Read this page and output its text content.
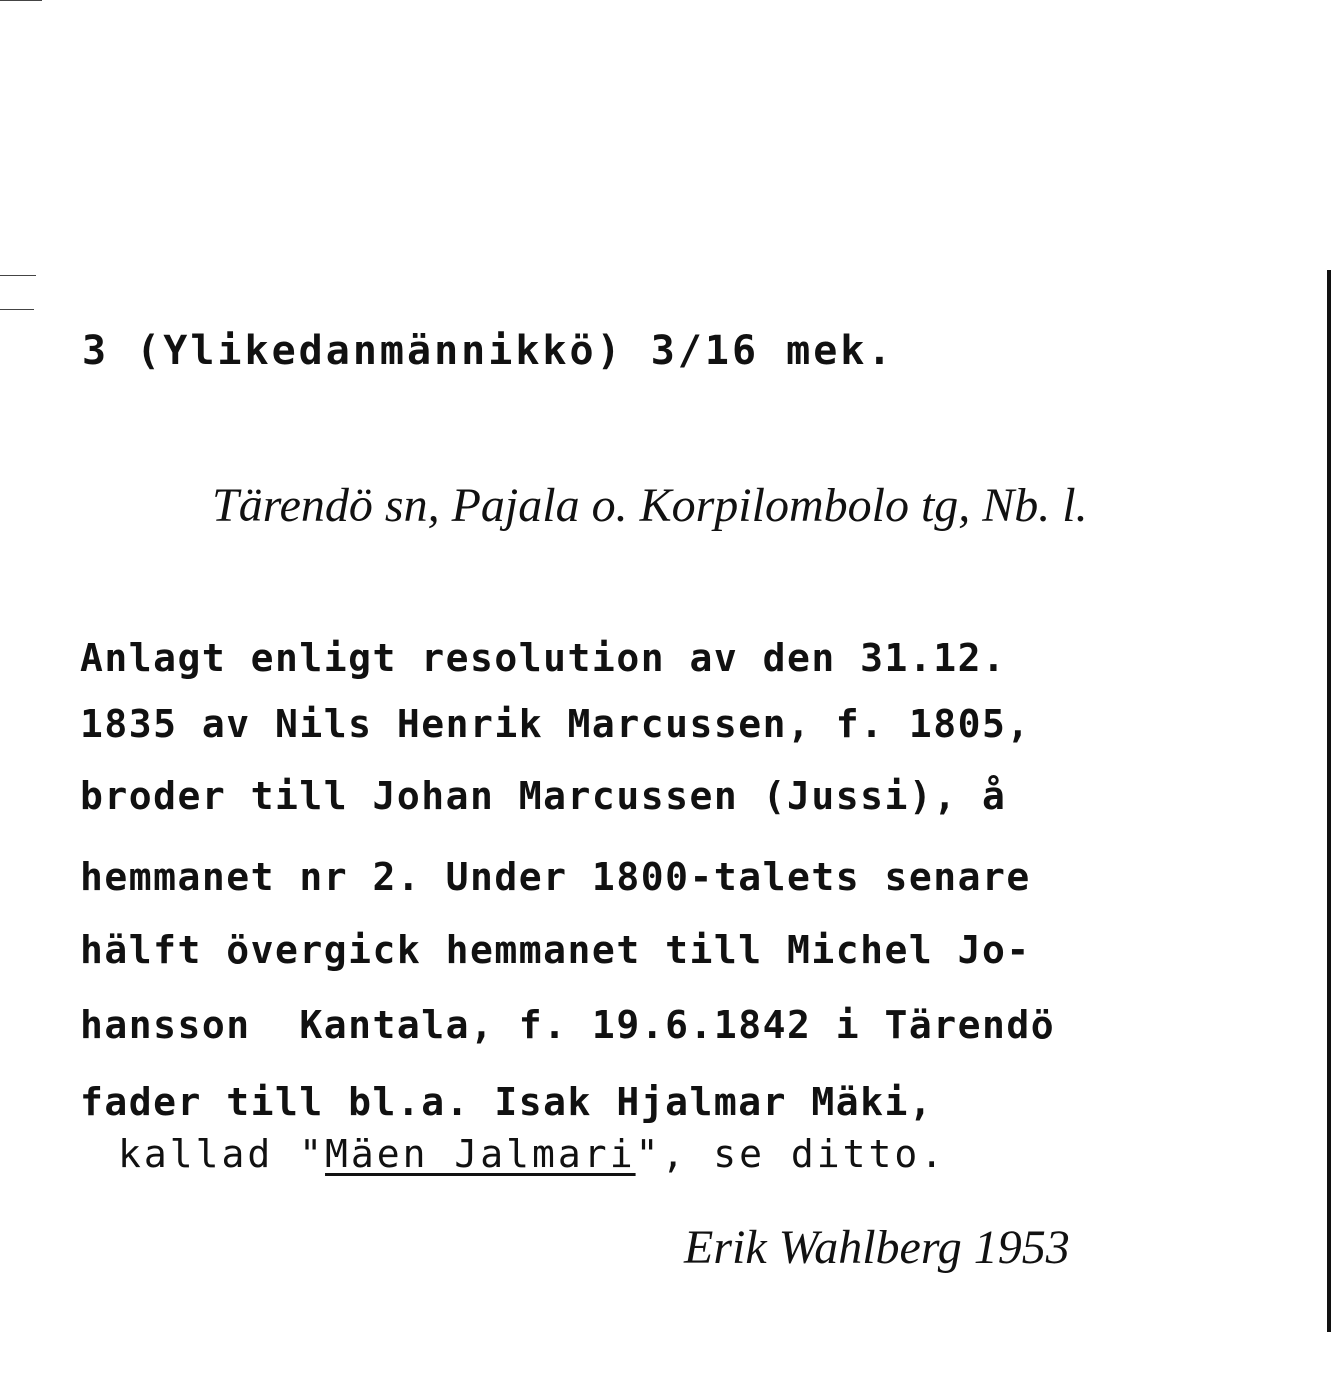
3 (Ylikedanmännikkö) 3/16 mek.

Tärendö sn, Pajala o. Korpilombolo tg, Nb. l.

Anlagt enligt resolution av den 31.12.

1835 av Nils Henrik Marcussen, f. 1805,

broder till Johan Marcussen (Jussi), å

hemmanet nr 2. Under 1800-talets senare

hälft övergick hemmanet till Michel Jo-

hansson  Kantala, f. 19.6.1842 i Tärendö

fader till bl.a. Isak Hjalmar Mäki,

kallad "Mäen Jalmari", se ditto.

Erik Wahlberg 1953
